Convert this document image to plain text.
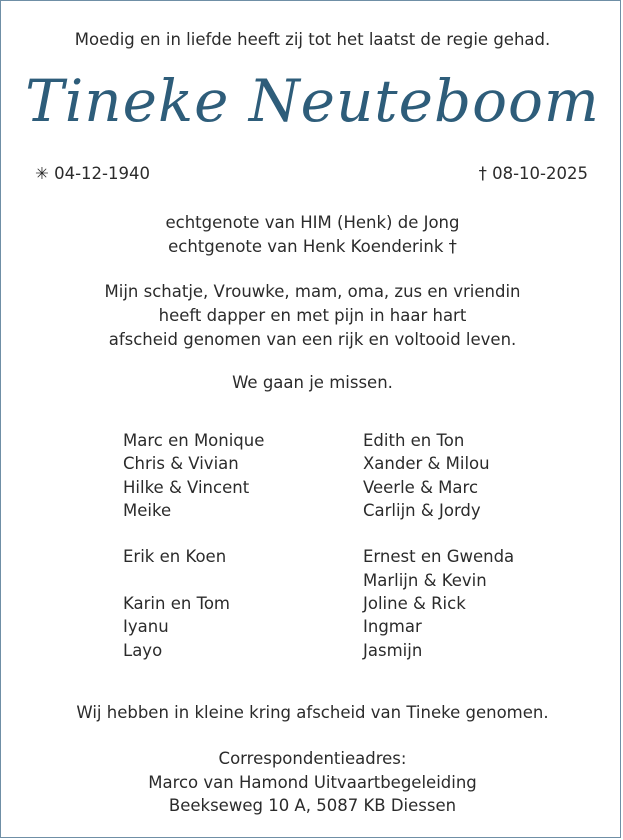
Moedig en in liefde heeft zij tot het laatst de regie gehad.
Tineke Neuteboom
✳ 04-12-1940	† 08-10-2025
echtgenote van HIM (Henk) de Jong
echtgenote van Henk Koenderink †
Mijn schatje, Vrouwke, mam, oma, zus en vriendin
heeft dapper en met pijn in haar hart
afscheid genomen van een rijk en voltooid leven.
We gaan je missen.
Marc en Monique
Chris & Vivian
Hilke & Vincent
Meike
Erik en Koen
Karin en Tom
Iyanu
Layo
Edith en Ton
Xander & Milou
Veerle & Marc
Carlijn & Jordy
Ernest en Gwenda
Marlijn & Kevin
Joline & Rick
Ingmar
Jasmijn
Wij hebben in kleine kring afscheid van Tineke genomen.
Correspondentieadres:
Marco van Hamond Uitvaartbegeleiding
Beekseweg 10 A, 5087 KB Diessen
